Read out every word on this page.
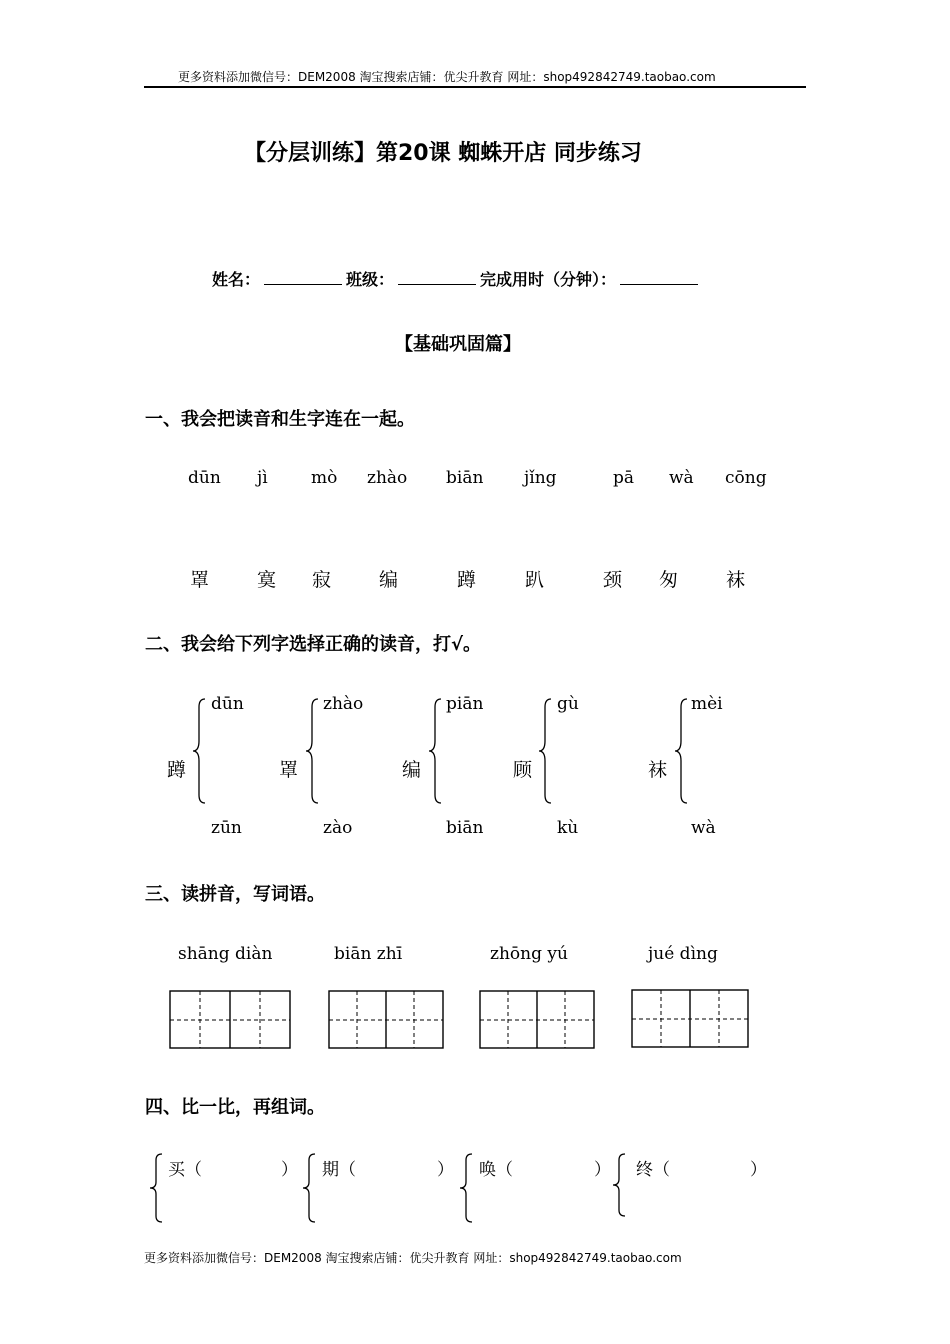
更多资料添加微信号：DEM2008 淘宝搜索店铺：优尖升教育 网址：shop492842749.taobao.com
【分层训练】第20课 蜘蛛开店 同步练习
姓名：	班级：	完成用时（分钟）：
【基础巩固篇】
一、我会把读音和生字连在一起。
dūn jì	mò zhào biān jǐng	pā wà cōng
罩	寞 寂	编	蹲	趴	颈 匆	袜
二、我会给下列字选择正确的读音，打√。
蹲
dūn
zūn
罩
zhào
zào
编
piān
biān
顾
gù
kù
袜
mèi
wà
三、读拼音，写词语。
shāng diàn	biān zhī	zhōng yú	jué dìng
四、比一比，再组词。
买（	） 期（	） 唤（	） 终（	）
更多资料添加微信号：DEM2008 淘宝搜索店铺：优尖升教育 网址：shop492842749.taobao.com
